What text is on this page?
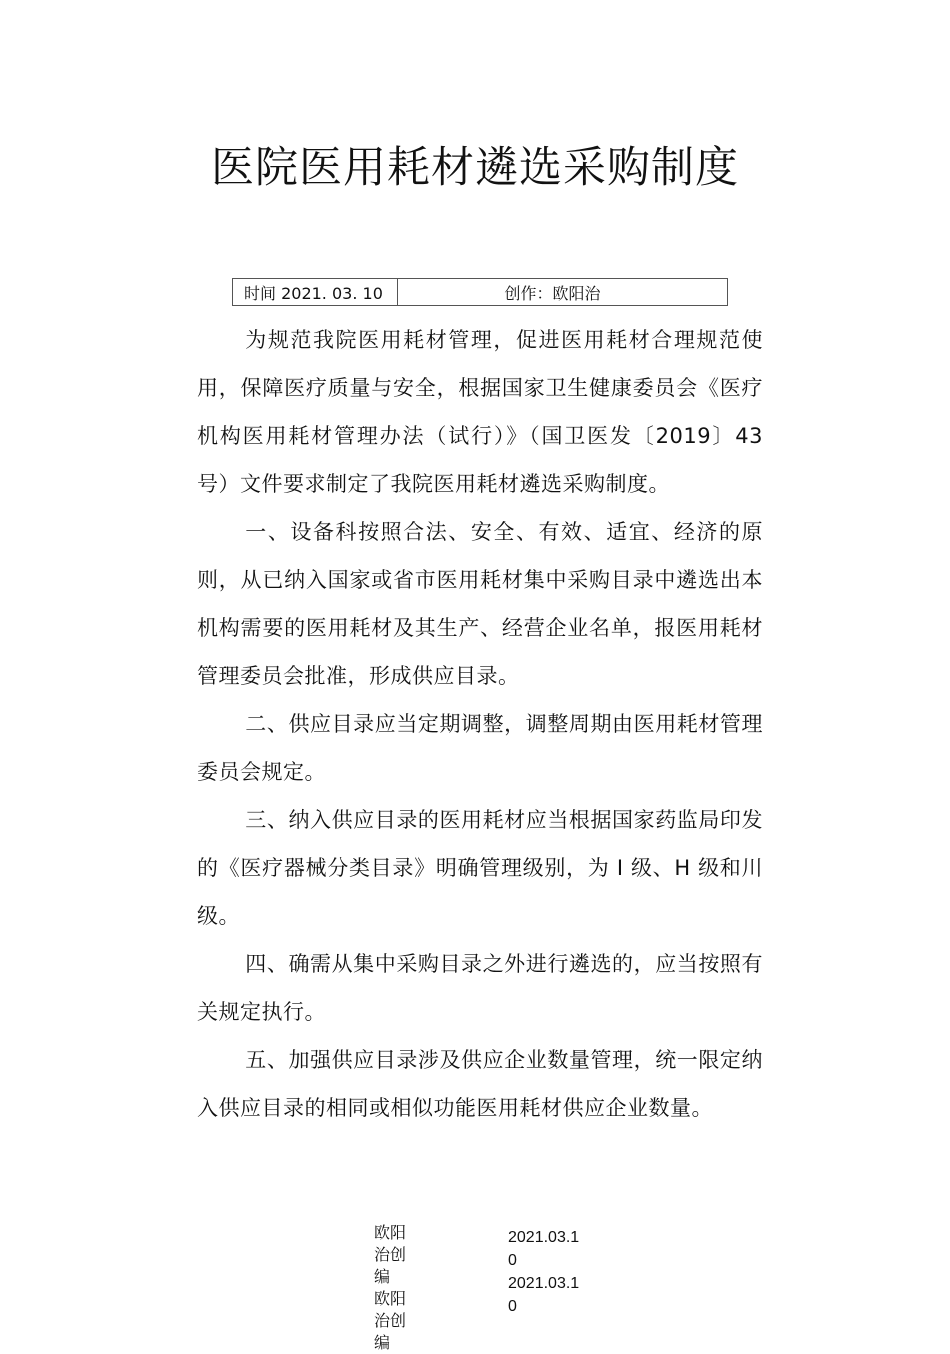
医院医用耗材遴选采购制度
时间 2021. 03. 10	创作：欧阳治

为规范我院医用耗材管理，促进医用耗材合理规范使用，保障医疗质量与安全，根据国家卫生健康委员会《医疗机构医用耗材管理办法（试行）》（国卫医发〔2019〕43号）文件要求制定了我院医用耗材遴选采购制度。

一、设备科按照合法、安全、有效、适宜、经济的原则，从已纳入国家或省市医用耗材集中采购目录中遴选出本机构需要的医用耗材及其生产、经营企业名单，报医用耗材管理委员会批准，形成供应目录。

二、供应目录应当定期调整，调整周期由医用耗材管理委员会规定。

三、纳入供应目录的医用耗材应当根据国家药监局印发的《医疗器械分类目录》明确管理级别，为 I 级、H 级和川级。

四、确需从集中采购目录之外进行遴选的，应当按照有关规定执行。

五、加强供应目录涉及供应企业数量管理，统一限定纳入供应目录的相同或相似功能医用耗材供应企业数量。

欧阳
治创
编
欧阳
治创
编
2021.03.1
0
2021.03.1
0
